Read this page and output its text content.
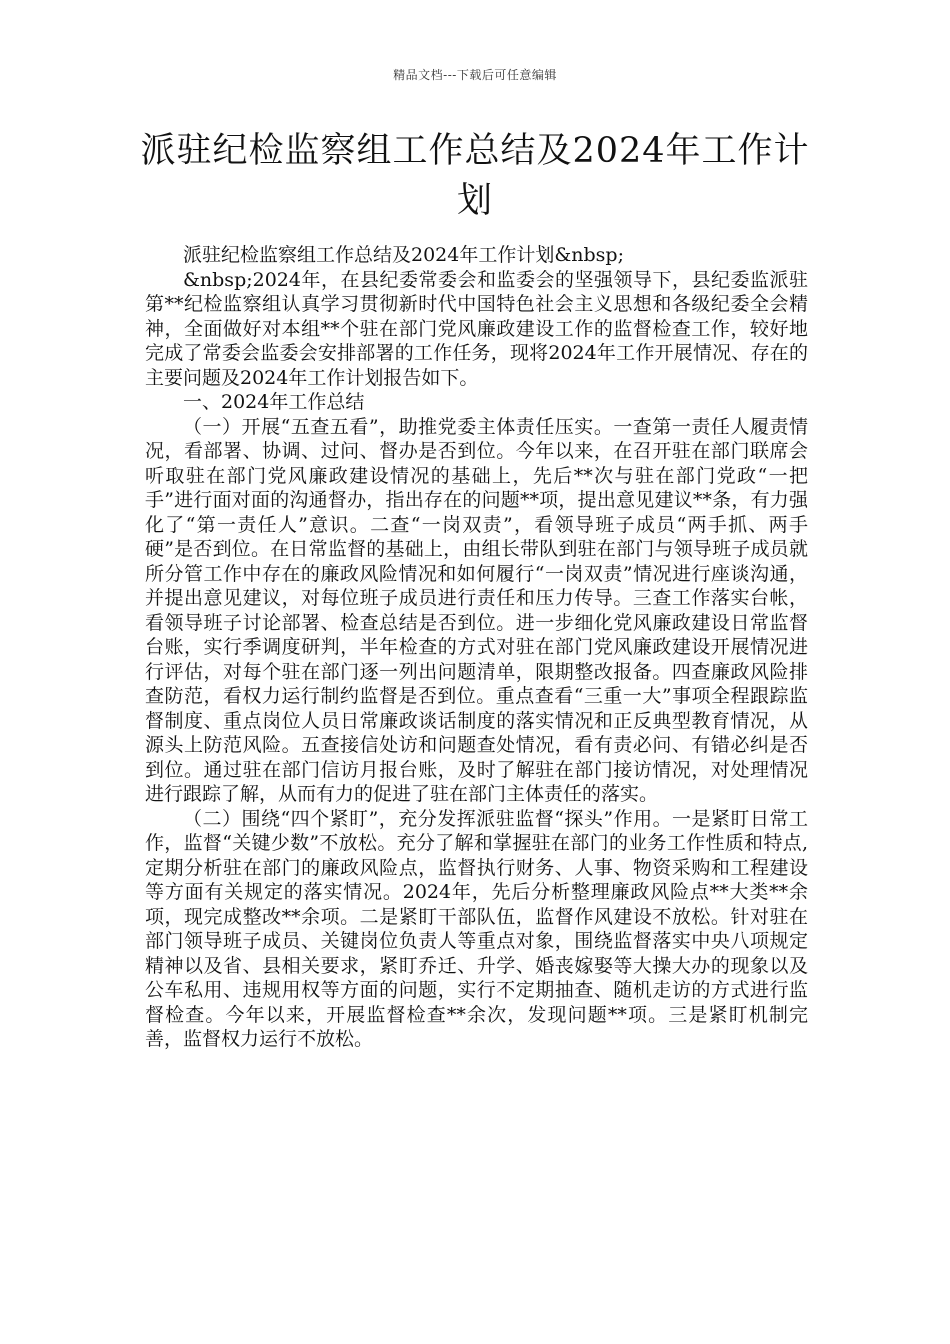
精品文档---下载后可任意编辑
派驻纪检监察组工作总结及2024年工作计划

派驻纪检监察组工作总结及2024年工作计划&nbsp;

&nbsp;2024年，在县纪委常委会和监委会的坚强领导下，县纪委监派驻第**纪检监察组认真学习贯彻新时代中国特色社会主义思想和各级纪委全会精神，全面做好对本组**个驻在部门党风廉政建设工作的监督检查工作，较好地完成了常委会监委会安排部署的工作任务，现将2024年工作开展情况、存在的主要问题及2024年工作计划报告如下。

一、2024年工作总结

（一）开展“五查五看”，助推党委主体责任压实。一查第一责任人履责情况，看部署、协调、过问、督办是否到位。今年以来，在召开驻在部门联席会听取驻在部门党风廉政建设情况的基础上，先后**次与驻在部门党政“一把手”进行面对面的沟通督办，指出存在的问题**项，提出意见建议**条，有力强化了“第一责任人”意识。二查“一岗双责”，看领导班子成员“两手抓、两手硬”是否到位。在日常监督的基础上，由组长带队到驻在部门与领导班子成员就所分管工作中存在的廉政风险情况和如何履行“一岗双责”情况进行座谈沟通，并提出意见建议，对每位班子成员进行责任和压力传导。三查工作落实台帐，看领导班子讨论部署、检查总结是否到位。进一步细化党风廉政建设日常监督台账，实行季调度研判，半年检查的方式对驻在部门党风廉政建设开展情况进行评估，对每个驻在部门逐一列出问题清单，限期整改报备。四查廉政风险排查防范，看权力运行制约监督是否到位。重点查看“三重一大”事项全程跟踪监督制度、重点岗位人员日常廉政谈话制度的落实情况和正反典型教育情况，从源头上防范风险。五查接信处访和问题查处情况，看有责必问、有错必纠是否到位。通过驻在部门信访月报台账，及时了解驻在部门接访情况，对处理情况进行跟踪了解，从而有力的促进了驻在部门主体责任的落实。

（二）围绕“四个紧盯”，充分发挥派驻监督“探头”作用。一是紧盯日常工作，监督“关键少数”不放松。充分了解和掌握驻在部门的业务工作性质和特点,定期分析驻在部门的廉政风险点，监督执行财务、人事、物资采购和工程建设等方面有关规定的落实情况。2024年，先后分析整理廉政风险点**大类**余项，现完成整改**余项。二是紧盯干部队伍，监督作风建设不放松。针对驻在部门领导班子成员、关键岗位负责人等重点对象，围绕监督落实中央八项规定精神以及省、县相关要求，紧盯乔迁、升学、婚丧嫁娶等大操大办的现象以及公车私用、违规用权等方面的问题，实行不定期抽查、随机走访的方式进行监督检查。今年以来，开展监督检查**余次，发现问题**项。三是紧盯机制完善，监督权力运行不放松。
